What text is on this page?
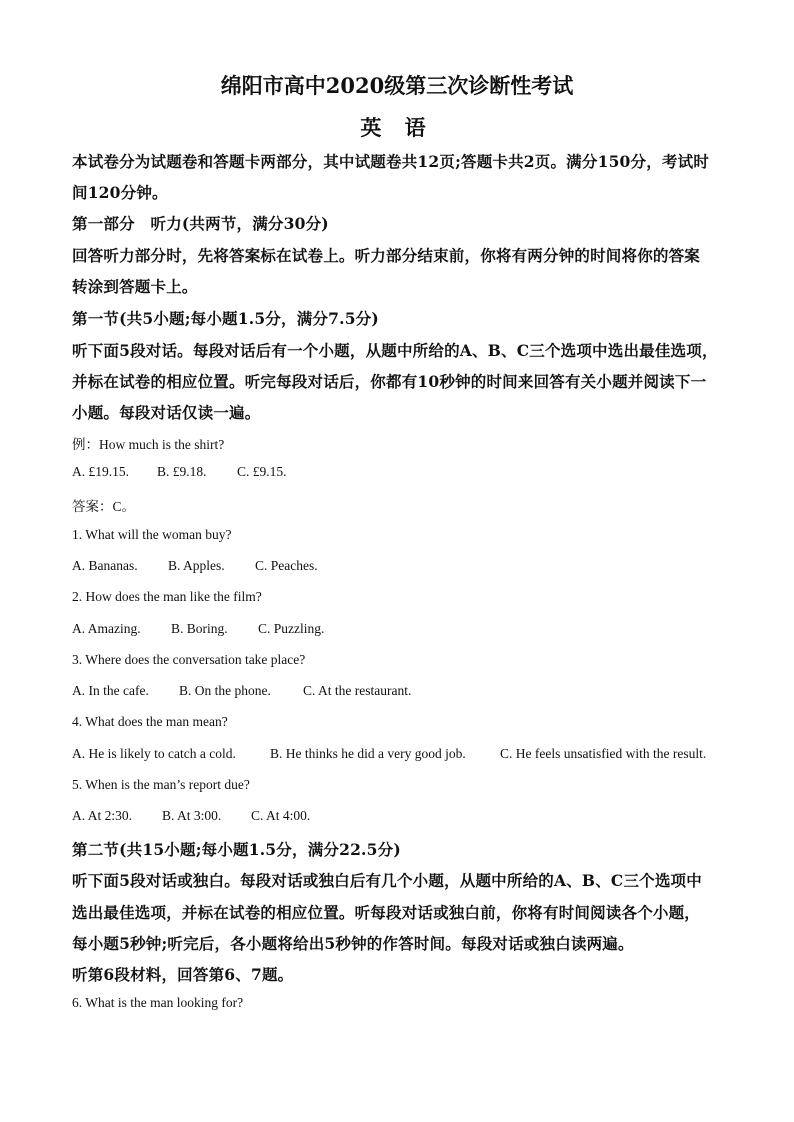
绵阳市高中2020级第三次诊断性考试
英 语
本试卷分为试题卷和答题卡两部分，其中试题卷共12页;答题卡共2页。满分150分，考试时
间120分钟。
第一部分　听力(共两节，满分30分)
回答听力部分时，先将答案标在试卷上。听力部分结束前，你将有两分钟的时间将你的答案
转涂到答题卡上。
第一节(共5小题;每小题1.5分，满分7.5分)
听下面5段对话。每段对话后有一个小题，从题中所给的A、B、C三个选项中选出最佳选项，
并标在试卷的相应位置。听完每段对话后，你都有10秒钟的时间来回答有关小题并阅读下一
小题。每段对话仅读一遍。
例：How much is the shirt?
A. £19.15. B. £9.18. C. £9.15.
答案：C。
1. What will the woman buy?
A. Bananas. B. Apples. C. Peaches.
2. How does the man like the film?
A. Amazing. B. Boring. C. Puzzling.
3. Where does the conversation take place?
A. In the cafe. B. On the phone. C. At the restaurant.
4. What does the man mean?
A. He is likely to catch a cold.	B. He thinks he did a very good job.	C. He feels unsatisfied with the result.
5. When is the man’s report due?
A. At 2:30. B. At 3:00. C. At 4:00.
第二节(共15小题;每小题1.5分，满分22.5分)
听下面5段对话或独白。每段对话或独白后有几个小题，从题中所给的A、B、C三个选项中
选出最佳选项，并标在试卷的相应位置。听每段对话或独白前，你将有时间阅读各个小题，
每小题5秒钟;听完后，各小题将给出5秒钟的作答时间。每段对话或独白读两遍。
听第6段材料，回答第6、7题。
6. What is the man looking for?
